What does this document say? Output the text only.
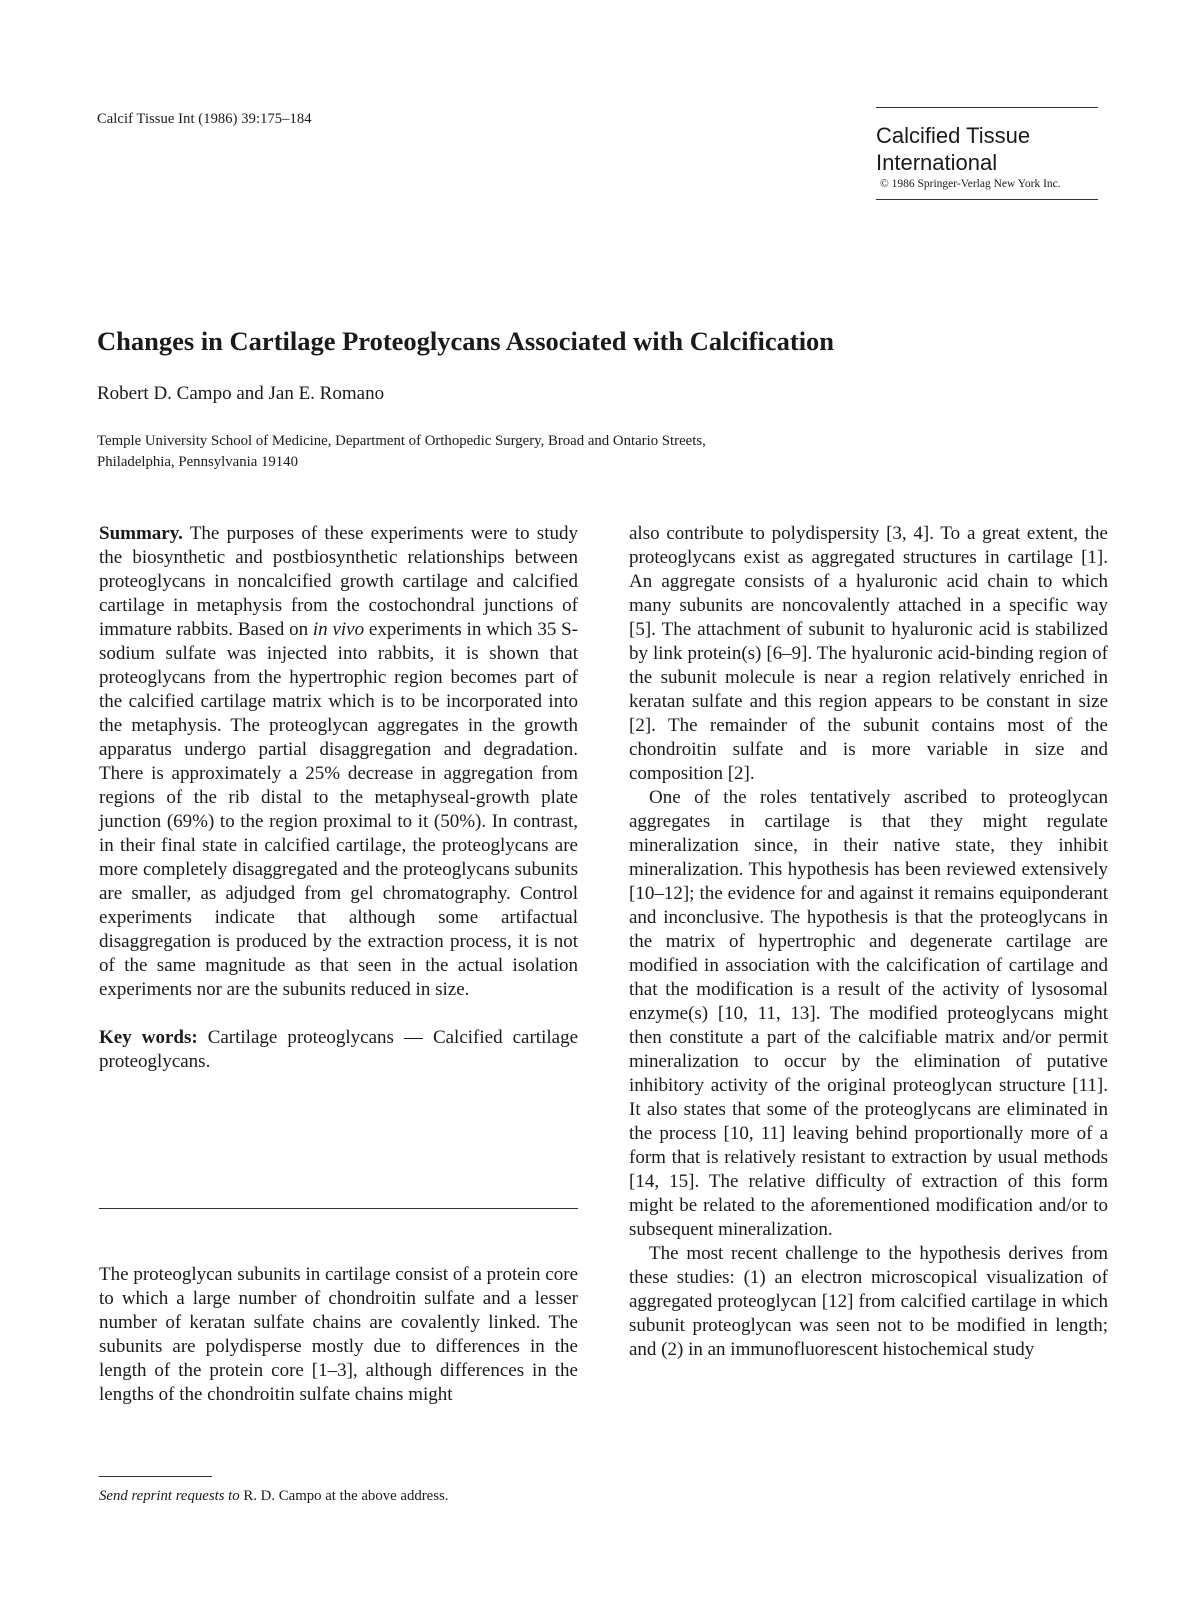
Calcif Tissue Int (1986) 39:175–184
Calcified Tissue
International
© 1986 Springer-Verlag New York Inc.
Changes in Cartilage Proteoglycans Associated with Calcification
Robert D. Campo and Jan E. Romano
Temple University School of Medicine, Department of Orthopedic Surgery, Broad and Ontario Streets,
Philadelphia, Pennsylvania 19140

Summary. The purposes of these experiments were to study the biosynthetic and postbiosynthetic relationships between proteoglycans in noncalcified growth cartilage and calcified cartilage in metaphysis from the costochondral junctions of immature rabbits. Based on in vivo experiments in which 35 S-sodium sulfate was injected into rabbits, it is shown that proteoglycans from the hypertrophic region becomes part of the calcified cartilage matrix which is to be incorporated into the metaphysis. The proteoglycan aggregates in the growth apparatus undergo partial disaggregation and degradation. There is approximately a 25% decrease in aggregation from regions of the rib distal to the metaphyseal-growth plate junction (69%) to the region proximal to it (50%). In contrast, in their final state in calcified cartilage, the proteoglycans are more completely disaggregated and the proteoglycans subunits are smaller, as adjudged from gel chromatography. Control experiments indicate that although some artifactual disaggregation is produced by the extraction process, it is not of the same magnitude as that seen in the actual isolation experiments nor are the subunits reduced in size.

Key words: Cartilage proteoglycans — Calcified cartilage proteoglycans.

The proteoglycan subunits in cartilage consist of a protein core to which a large number of chondroitin sulfate and a lesser number of keratan sulfate chains are covalently linked. The subunits are polydisperse mostly due to differences in the length of the protein core [1–3], although differences in the lengths of the chondroitin sulfate chains might

also contribute to polydispersity [3, 4]. To a great extent, the proteoglycans exist as aggregated structures in cartilage [1]. An aggregate consists of a hyaluronic acid chain to which many subunits are noncovalently attached in a specific way [5]. The attachment of subunit to hyaluronic acid is stabilized by link protein(s) [6–9]. The hyaluronic acid-binding region of the subunit molecule is near a region relatively enriched in keratan sulfate and this region appears to be constant in size [2]. The remainder of the subunit contains most of the chondroitin sulfate and is more variable in size and composition [2].

One of the roles tentatively ascribed to proteoglycan aggregates in cartilage is that they might regulate mineralization since, in their native state, they inhibit mineralization. This hypothesis has been reviewed extensively [10–12]; the evidence for and against it remains equiponderant and inconclusive. The hypothesis is that the proteoglycans in the matrix of hypertrophic and degenerate cartilage are modified in association with the calcification of cartilage and that the modification is a result of the activity of lysosomal enzyme(s) [10, 11, 13]. The modified proteoglycans might then constitute a part of the calcifiable matrix and/or permit mineralization to occur by the elimination of putative inhibitory activity of the original proteoglycan structure [11]. It also states that some of the proteoglycans are eliminated in the process [10, 11] leaving behind proportionally more of a form that is relatively resistant to extraction by usual methods [14, 15]. The relative difficulty of extraction of this form might be related to the aforementioned modification and/or to subsequent mineralization.

The most recent challenge to the hypothesis derives from these studies: (1) an electron microscopical visualization of aggregated proteoglycan [12] from calcified cartilage in which subunit proteoglycan was seen not to be modified in length; and (2) in an immunofluorescent histochemical study

Send reprint requests to R. D. Campo at the above address.
